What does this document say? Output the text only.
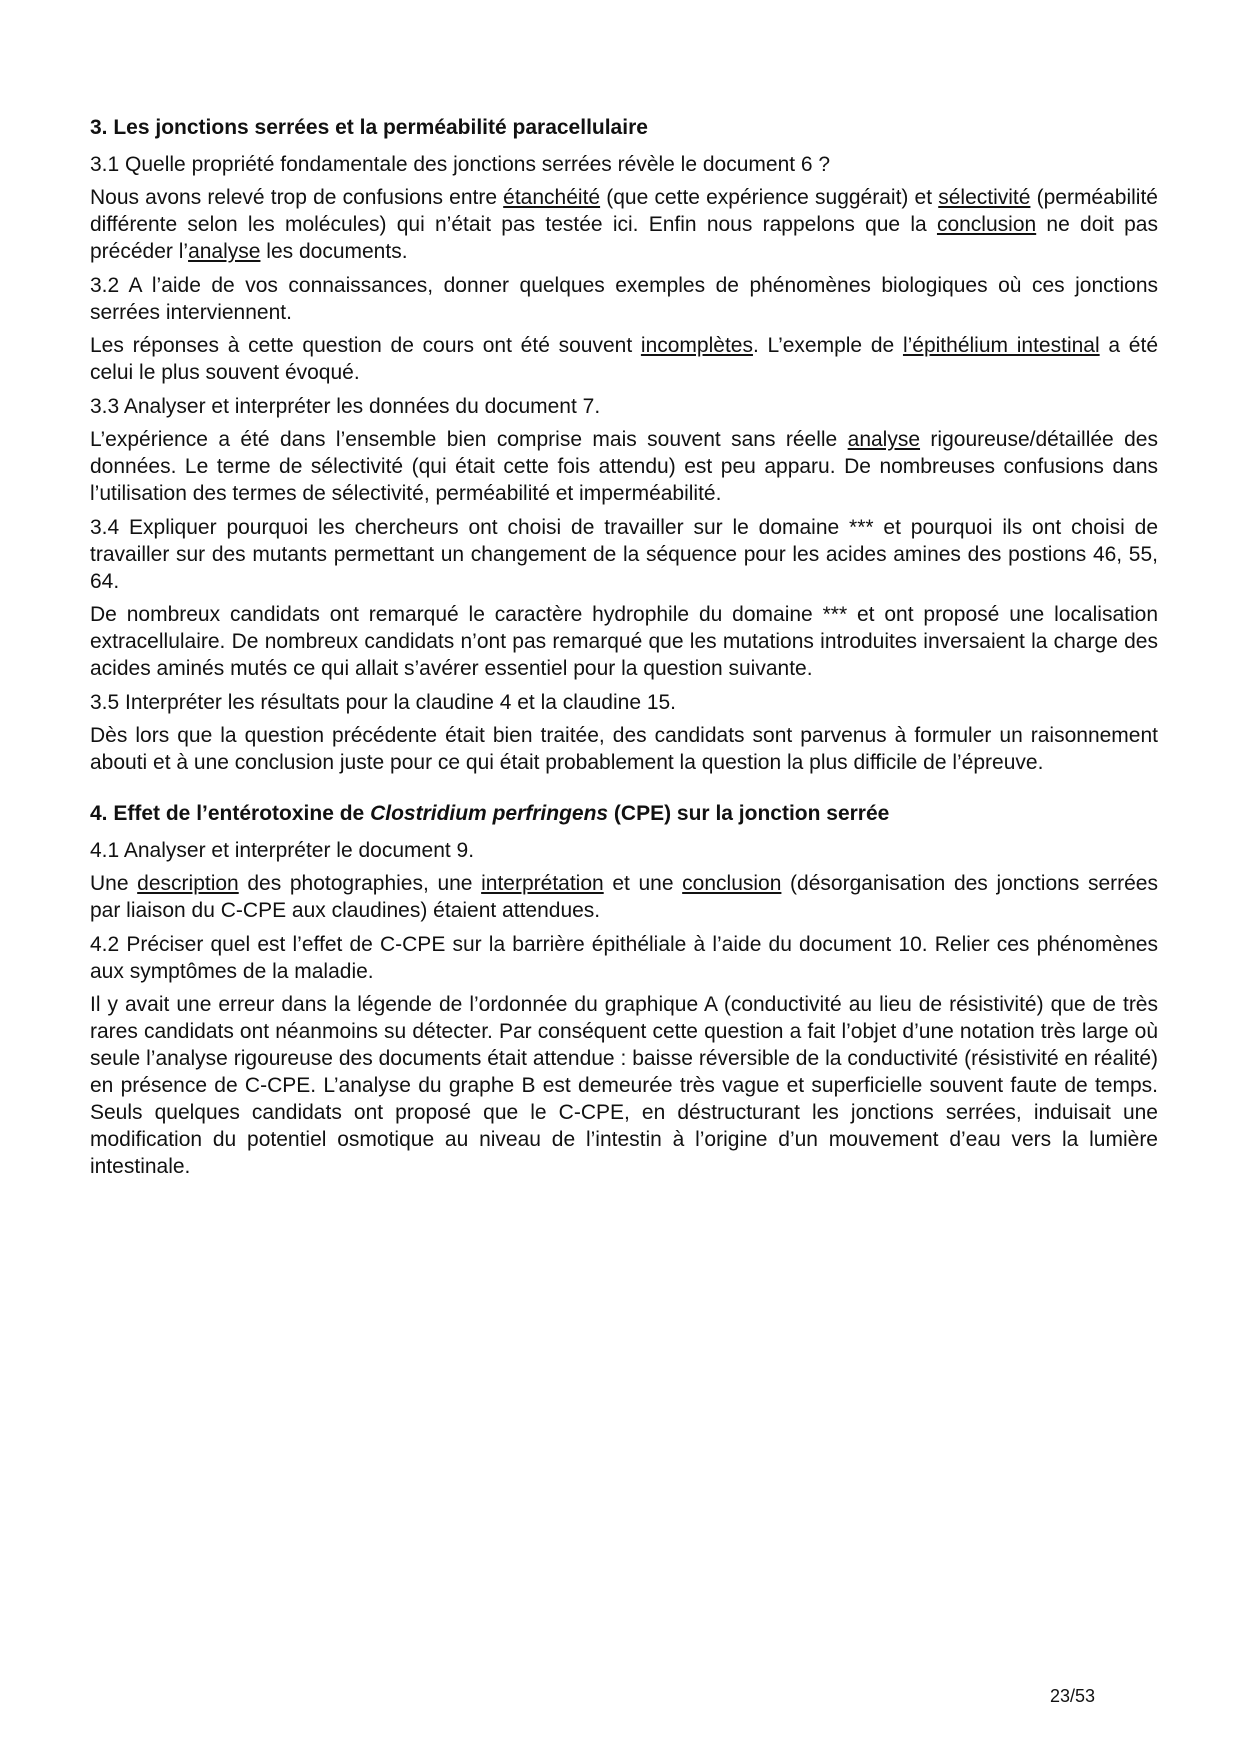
3. Les jonctions serrées et la perméabilité paracellulaire

3.1 Quelle propriété fondamentale des jonctions serrées révèle le document 6 ?

Nous avons relevé trop de confusions entre étanchéité (que cette expérience suggérait) et sélectivité (perméabilité différente selon les molécules) qui n’était pas testée ici. Enfin nous rappelons que la conclusion ne doit pas précéder l’analyse les documents.

3.2 A l’aide de vos connaissances, donner quelques exemples de phénomènes biologiques où ces jonctions serrées interviennent.

Les réponses à cette question de cours ont été souvent incomplètes. L’exemple de l’épithélium intestinal a été celui le plus souvent évoqué.

3.3 Analyser et interpréter les données du document 7.

L’expérience a été dans l’ensemble bien comprise mais souvent sans réelle analyse rigoureuse/détaillée des données. Le terme de sélectivité (qui était cette fois attendu) est peu apparu. De nombreuses confusions dans l’utilisation des termes de sélectivité, perméabilité et imperméabilité.

3.4 Expliquer pourquoi les chercheurs ont choisi de travailler sur le domaine *** et pourquoi ils ont choisi de travailler sur des mutants permettant un changement de la séquence pour les acides amines des postions 46, 55, 64.

De nombreux candidats ont remarqué le caractère hydrophile du domaine *** et ont proposé une localisation extracellulaire. De nombreux candidats n’ont pas remarqué que les mutations introduites inversaient la charge des acides aminés mutés ce qui allait s’avérer essentiel pour la question suivante.

3.5 Interpréter les résultats pour la claudine 4 et la claudine 15.

Dès lors que la question précédente était bien traitée, des candidats sont parvenus à formuler un raisonnement abouti et à une conclusion juste pour ce qui était probablement la question la plus difficile de l’épreuve.

4. Effet de l’entérotoxine de Clostridium perfringens (CPE) sur la jonction serrée

4.1 Analyser et interpréter le document 9.

Une description des photographies, une interprétation et une conclusion (désorganisation des jonctions serrées par liaison du C-CPE aux claudines) étaient attendues.

4.2 Préciser quel est l’effet de C-CPE sur la barrière épithéliale à l’aide du document 10. Relier ces phénomènes aux symptômes de la maladie.

Il y avait une erreur dans la légende de l’ordonnée du graphique A (conductivité au lieu de résistivité) que de très rares candidats ont néanmoins su détecter. Par conséquent cette question a fait l’objet d’une notation très large où seule l’analyse rigoureuse des documents était attendue : baisse réversible de la conductivité (résistivité en réalité) en présence de C-CPE. L’analyse du graphe B est demeurée très vague et superficielle souvent faute de temps. Seuls quelques candidats ont proposé que le C-CPE, en déstructurant les jonctions serrées, induisait une modification du potentiel osmotique au niveau de l’intestin à l’origine d’un mouvement d’eau vers la lumière intestinale.

23/53
